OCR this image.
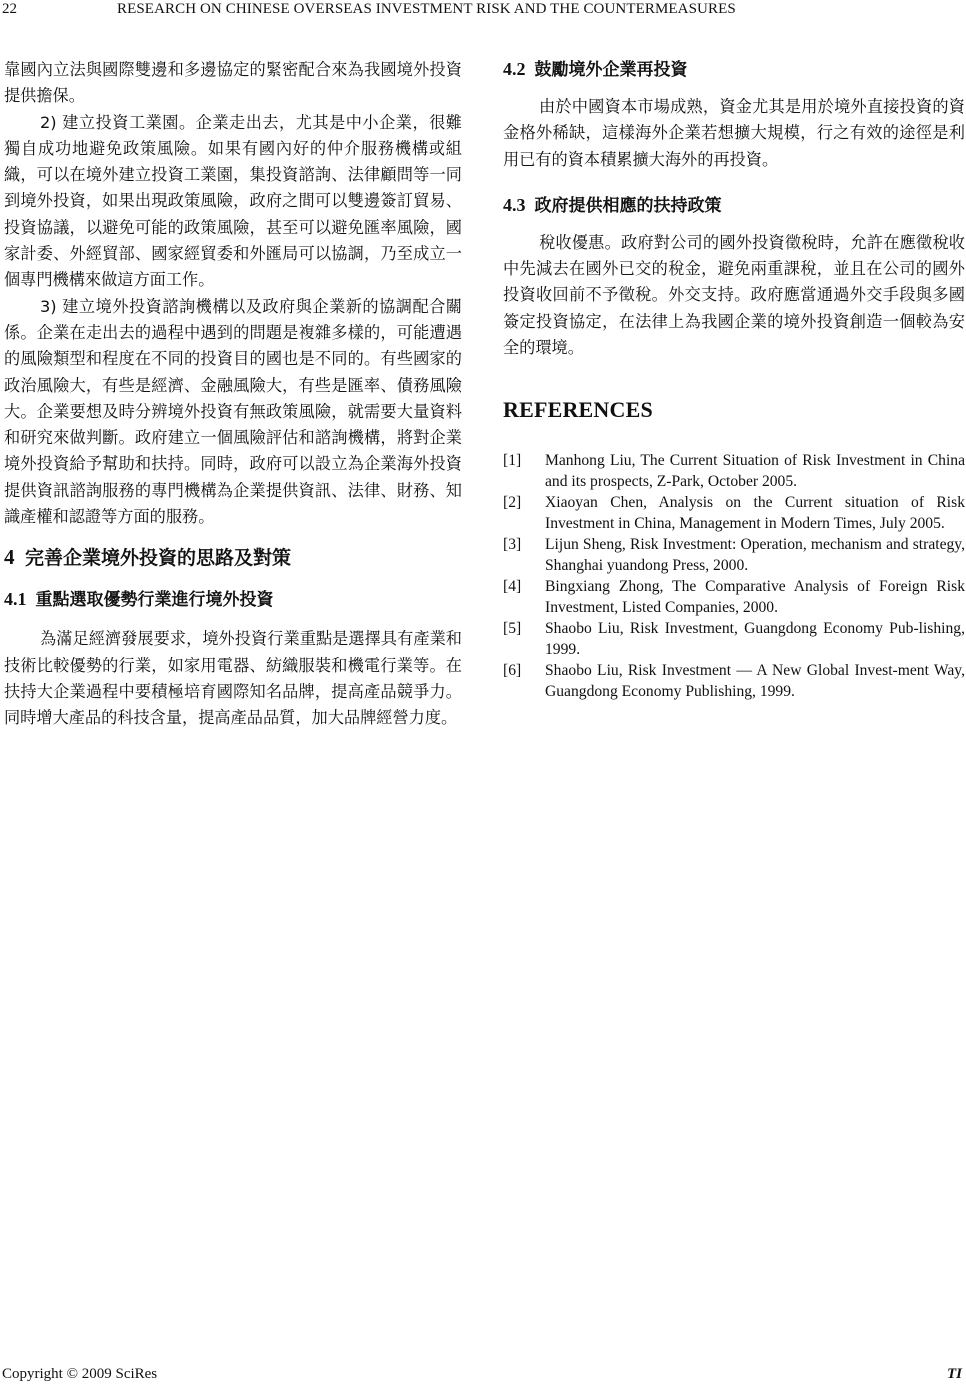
22	RESEARCH ON CHINESE OVERSEAS INVESTMENT RISK AND THE COUNTERMEASURES

靠國內立法與國際雙邊和多邊協定的緊密配合來為我國境外投資提供擔保。

2) 建立投資工業園。企業走出去，尤其是中小企業，很難獨自成功地避免政策風險。如果有國內好的仲介服務機構或組織，可以在境外建立投資工業園，集投資諮詢、法律顧問等一同到境外投資，如果出現政策風險，政府之間可以雙邊簽訂貿易、投資協議，以避免可能的政策風險，甚至可以避免匯率風險，國家計委、外經貿部、國家經貿委和外匯局可以協調，乃至成立一個專門機構來做這方面工作。

3) 建立境外投資諮詢機構以及政府與企業新的協調配合關係。企業在走出去的過程中遇到的問題是複雜多樣的，可能遭遇的風險類型和程度在不同的投資目的國也是不同的。有些國家的政治風險大，有些是經濟、金融風險大，有些是匯率、債務風險大。企業要想及時分辨境外投資有無政策風險，就需要大量資料和研究來做判斷。政府建立一個風險評估和諮詢機構，將對企業境外投資給予幫助和扶持。同時，政府可以設立為企業海外投資提供資訊諮詢服務的專門機構為企業提供資訊、法律、財務、知識產權和認證等方面的服務。

4 完善企業境外投資的思路及對策
4.1 重點選取優勢行業進行境外投資

為滿足經濟發展要求，境外投資行業重點是選擇具有產業和技術比較優勢的行業，如家用電器、紡織服裝和機電行業等。在扶持大企業過程中要積極培育國際知名品牌，提高產品競爭力。同時增大產品的科技含量，提高產品品質，加大品牌經營力度。

4.2 鼓勵境外企業再投資

由於中國資本市場成熟，資金尤其是用於境外直接投資的資金格外稀缺，這樣海外企業若想擴大規模，行之有效的途徑是利用已有的資本積累擴大海外的再投資。

4.3 政府提供相應的扶持政策

稅收優惠。政府對公司的國外投資徵稅時，允許在應徵稅收中先減去在國外已交的稅金，避免兩重課稅，並且在公司的國外投資收回前不予徵稅。外交支持。政府應當通過外交手段與多國簽定投資協定，在法律上為我國企業的境外投資創造一個較為安全的環境。

REFERENCES
[1] Manhong Liu, The Current Situation of Risk Investment in China and its prospects, Z-Park, October 2005.
[2] Xiaoyan Chen, Analysis on the Current situation of Risk Investment in China, Management in Modern Times, July 2005.
[3] Lijun Sheng, Risk Investment: Operation, mechanism and strategy, Shanghai yuandong Press, 2000.
[4] Bingxiang Zhong, The Comparative Analysis of Foreign Risk Investment, Listed Companies, 2000.
[5] Shaobo Liu, Risk Investment, Guangdong Economy Pub-lishing, 1999.
[6] Shaobo Liu, Risk Investment — A New Global Invest-ment Way, Guangdong Economy Publishing, 1999.
Copyright © 2009 SciRes	TI
